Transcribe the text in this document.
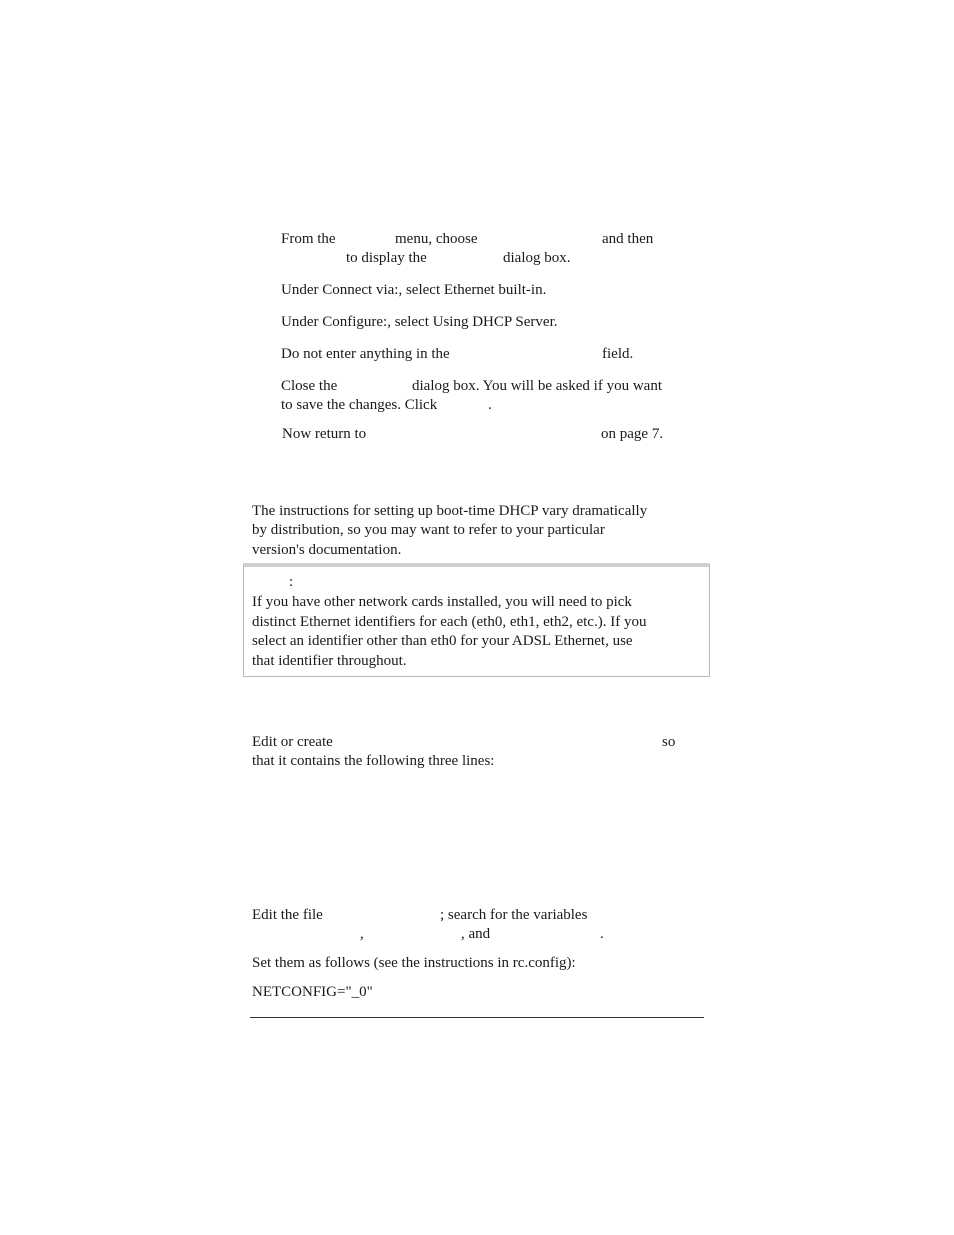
From the	menu, choose	and then

to display the	dialog box.

Under Connect via:, select Ethernet built-in.

Under Configure:, select Using DHCP Server.

Do not enter anything in the	field.

Close the	dialog box. You will be asked if you want

to save the changes. Click	.

Now return to	on page 7.

The instructions for setting up boot-time DHCP vary dramatically

by distribution, so you may want to refer to your particular

version's documentation.

:

If you have other network cards installed, you will need to pick

distinct Ethernet identifiers for each (eth0, eth1, eth2, etc.). If you

select an identifier other than eth0 for your ADSL Ethernet, use

that identifier throughout.

Edit or create	so

that it contains the following three lines:

Edit the file	; search for the variables

,	, and	.

Set them as follows (see the instructions in rc.config):

NETCONFIG="_0"
